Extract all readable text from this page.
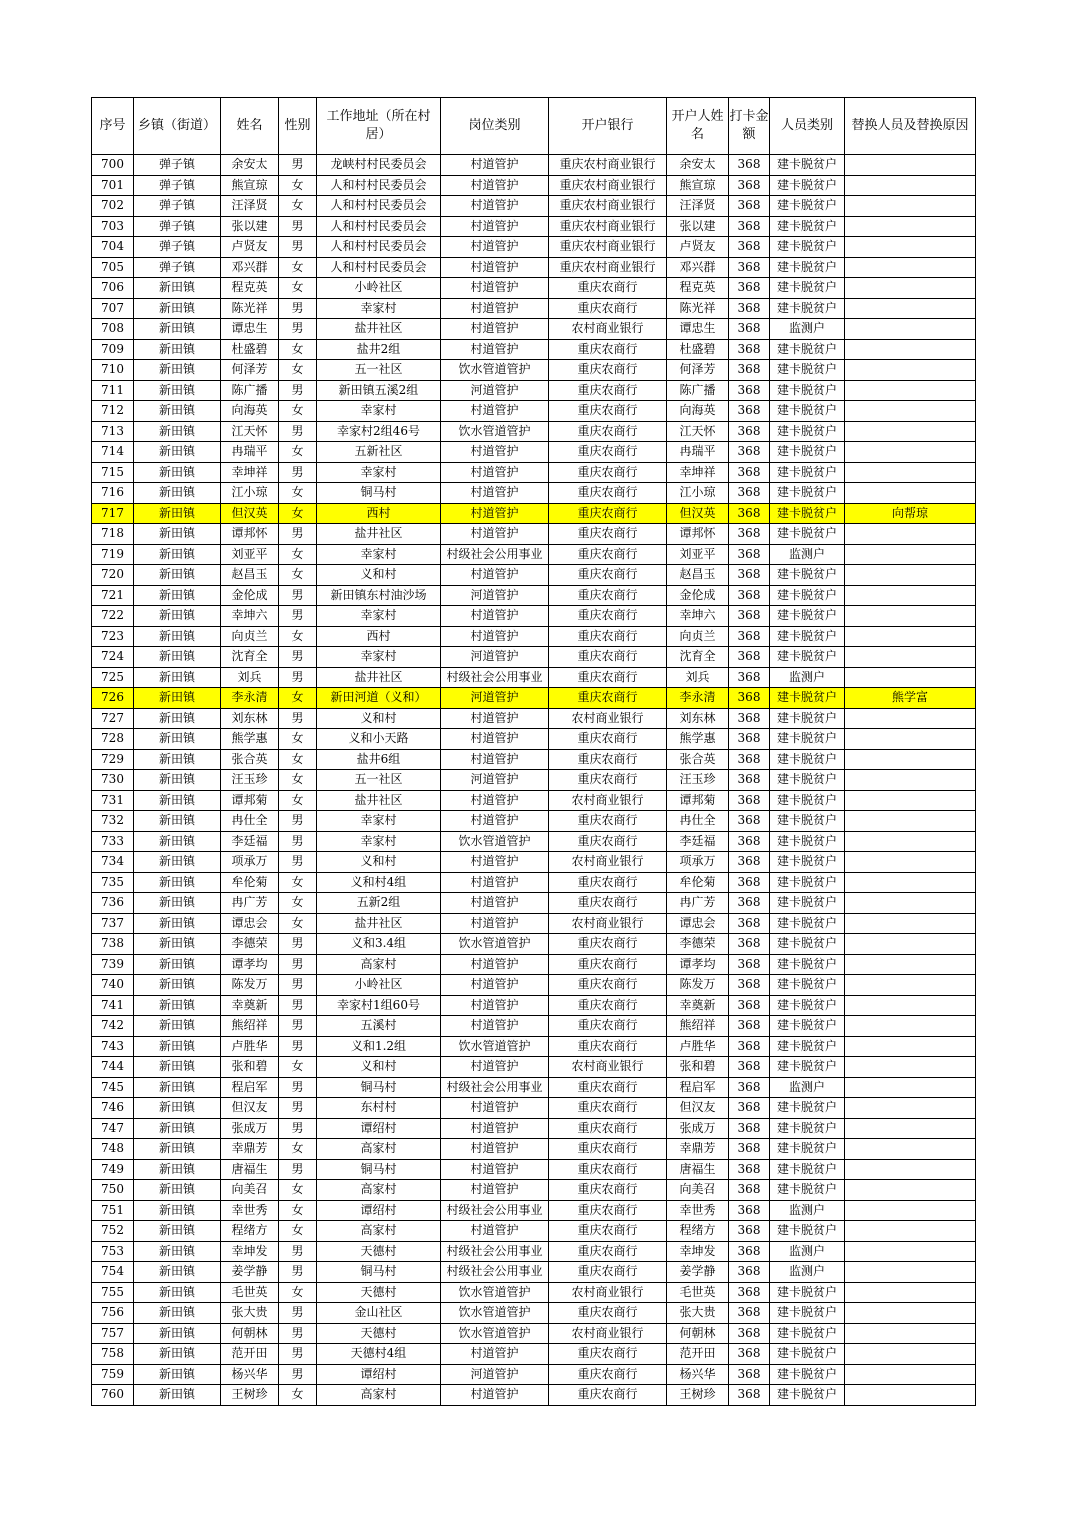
序号	乡镇（街道）	姓名	性别	工作地址（所在村居）	岗位类别	开户银行	开户人姓名	打卡金额	人员类别	替换人员及替换原因
700	弹子镇	余安太	男	龙峡村村民委员会	村道管护	重庆农村商业银行	余安太	368	建卡脱贫户	
701	弹子镇	熊宣琼	女	人和村村民委员会	村道管护	重庆农村商业银行	熊宣琼	368	建卡脱贫户	
702	弹子镇	汪泽贤	女	人和村村民委员会	村道管护	重庆农村商业银行	汪泽贤	368	建卡脱贫户	
703	弹子镇	张以建	男	人和村村民委员会	村道管护	重庆农村商业银行	张以建	368	建卡脱贫户	
704	弹子镇	卢贤友	男	人和村村民委员会	村道管护	重庆农村商业银行	卢贤友	368	建卡脱贫户	
705	弹子镇	邓兴群	女	人和村村民委员会	村道管护	重庆农村商业银行	邓兴群	368	建卡脱贫户	
706	新田镇	程克英	女	小岭社区	村道管护	重庆农商行	程克英	368	建卡脱贫户	
707	新田镇	陈光祥	男	幸家村	村道管护	重庆农商行	陈光祥	368	建卡脱贫户	
708	新田镇	谭忠生	男	盐井社区	村道管护	农村商业银行	谭忠生	368	监测户	
709	新田镇	杜盛碧	女	盐井2组	村道管护	重庆农商行	杜盛碧	368	建卡脱贫户	
710	新田镇	何泽芳	女	五一社区	饮水管道管护	重庆农商行	何泽芳	368	建卡脱贫户	
711	新田镇	陈广播	男	新田镇五溪2组	河道管护	重庆农商行	陈广播	368	建卡脱贫户	
712	新田镇	向海英	女	幸家村	村道管护	重庆农商行	向海英	368	建卡脱贫户	
713	新田镇	江天怀	男	幸家村2组46号	饮水管道管护	重庆农商行	江天怀	368	建卡脱贫户	
714	新田镇	冉瑞平	女	五新社区	村道管护	重庆农商行	冉瑞平	368	建卡脱贫户	
715	新田镇	幸坤祥	男	幸家村	村道管护	重庆农商行	幸坤祥	368	建卡脱贫户	
716	新田镇	江小琼	女	铜马村	村道管护	重庆农商行	江小琼	368	建卡脱贫户	
717	新田镇	但汉英	女	西村	村道管护	重庆农商行	但汉英	368	建卡脱贫户	向帮琼
718	新田镇	谭邦怀	男	盐井社区	村道管护	重庆农商行	谭邦怀	368	建卡脱贫户	
719	新田镇	刘亚平	女	幸家村	村级社会公用事业	重庆农商行	刘亚平	368	监测户	
720	新田镇	赵昌玉	女	义和村	村道管护	重庆农商行	赵昌玉	368	建卡脱贫户	
721	新田镇	金伦成	男	新田镇东村油沙场	河道管护	重庆农商行	金伦成	368	建卡脱贫户	
722	新田镇	幸坤六	男	幸家村	村道管护	重庆农商行	幸坤六	368	建卡脱贫户	
723	新田镇	向贞兰	女	西村	村道管护	重庆农商行	向贞兰	368	建卡脱贫户	
724	新田镇	沈育全	男	幸家村	河道管护	重庆农商行	沈育全	368	建卡脱贫户	
725	新田镇	刘兵	男	盐井社区	村级社会公用事业	重庆农商行	刘兵	368	监测户	
726	新田镇	李永清	女	新田河道（义和）	河道管护	重庆农商行	李永清	368	建卡脱贫户	熊学富
727	新田镇	刘东林	男	义和村	村道管护	农村商业银行	刘东林	368	建卡脱贫户	
728	新田镇	熊学惠	女	义和小天路	村道管护	重庆农商行	熊学惠	368	建卡脱贫户	
729	新田镇	张合英	女	盐井6组	村道管护	重庆农商行	张合英	368	建卡脱贫户	
730	新田镇	汪玉珍	女	五一社区	河道管护	重庆农商行	汪玉珍	368	建卡脱贫户	
731	新田镇	谭邦菊	女	盐井社区	村道管护	农村商业银行	谭邦菊	368	建卡脱贫户	
732	新田镇	冉仕全	男	幸家村	村道管护	重庆农商行	冉仕全	368	建卡脱贫户	
733	新田镇	李廷福	男	幸家村	饮水管道管护	重庆农商行	李廷福	368	建卡脱贫户	
734	新田镇	项承万	男	义和村	村道管护	农村商业银行	项承万	368	建卡脱贫户	
735	新田镇	牟伦菊	女	义和村4组	村道管护	重庆农商行	牟伦菊	368	建卡脱贫户	
736	新田镇	冉广芳	女	五新2组	村道管护	重庆农商行	冉广芳	368	建卡脱贫户	
737	新田镇	谭忠会	女	盐井社区	村道管护	农村商业银行	谭忠会	368	建卡脱贫户	
738	新田镇	李德荣	男	义和3.4组	饮水管道管护	重庆农商行	李德荣	368	建卡脱贫户	
739	新田镇	谭孝均	男	高家村	村道管护	重庆农商行	谭孝均	368	建卡脱贫户	
740	新田镇	陈发万	男	小岭社区	村道管护	重庆农商行	陈发万	368	建卡脱贫户	
741	新田镇	幸奠新	男	幸家村1组60号	村道管护	重庆农商行	幸奠新	368	建卡脱贫户	
742	新田镇	熊绍祥	男	五溪村	村道管护	重庆农商行	熊绍祥	368	建卡脱贫户	
743	新田镇	卢胜华	男	义和1.2组	饮水管道管护	重庆农商行	卢胜华	368	建卡脱贫户	
744	新田镇	张和碧	女	义和村	村道管护	农村商业银行	张和碧	368	建卡脱贫户	
745	新田镇	程启军	男	铜马村	村级社会公用事业	重庆农商行	程启军	368	监测户	
746	新田镇	但汉友	男	东村村	村道管护	重庆农商行	但汉友	368	建卡脱贫户	
747	新田镇	张成万	男	谭绍村	村道管护	重庆农商行	张成万	368	建卡脱贫户	
748	新田镇	幸鼎芳	女	高家村	村道管护	重庆农商行	幸鼎芳	368	建卡脱贫户	
749	新田镇	唐福生	男	铜马村	村道管护	重庆农商行	唐福生	368	建卡脱贫户	
750	新田镇	向美召	女	高家村	村道管护	重庆农商行	向美召	368	建卡脱贫户	
751	新田镇	幸世秀	女	谭绍村	村级社会公用事业	重庆农商行	幸世秀	368	监测户	
752	新田镇	程绪方	女	高家村	村道管护	重庆农商行	程绪方	368	建卡脱贫户	
753	新田镇	幸坤发	男	天德村	村级社会公用事业	重庆农商行	幸坤发	368	监测户	
754	新田镇	姜学静	男	铜马村	村级社会公用事业	重庆农商行	姜学静	368	监测户	
755	新田镇	毛世英	女	天德村	饮水管道管护	农村商业银行	毛世英	368	建卡脱贫户	
756	新田镇	张大贵	男	金山社区	饮水管道管护	重庆农商行	张大贵	368	建卡脱贫户	
757	新田镇	何朝林	男	天德村	饮水管道管护	农村商业银行	何朝林	368	建卡脱贫户	
758	新田镇	范开田	男	天德村4组	村道管护	重庆农商行	范开田	368	建卡脱贫户	
759	新田镇	杨兴华	男	谭绍村	河道管护	重庆农商行	杨兴华	368	建卡脱贫户	
760	新田镇	王树珍	女	高家村	村道管护	重庆农商行	王树珍	368	建卡脱贫户	
